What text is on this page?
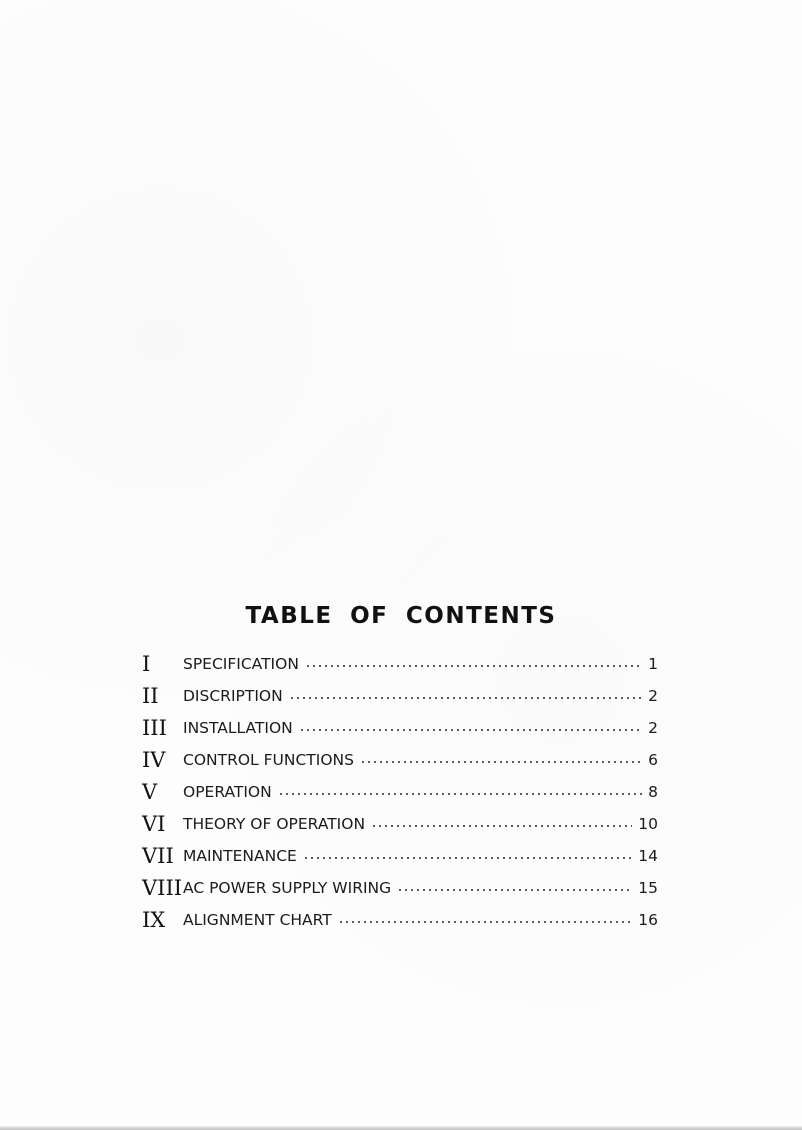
TABLE OF CONTENTS
I	SPECIFICATION	1
II	DISCRIPTION	2
III	INSTALLATION	2
IV	CONTROL FUNCTIONS	6
V	OPERATION	8
VI	THEORY OF OPERATION	10
VII MAINTENANCE	14
VIII AC POWER SUPPLY WIRING	15
IX	ALIGNMENT CHART	16
